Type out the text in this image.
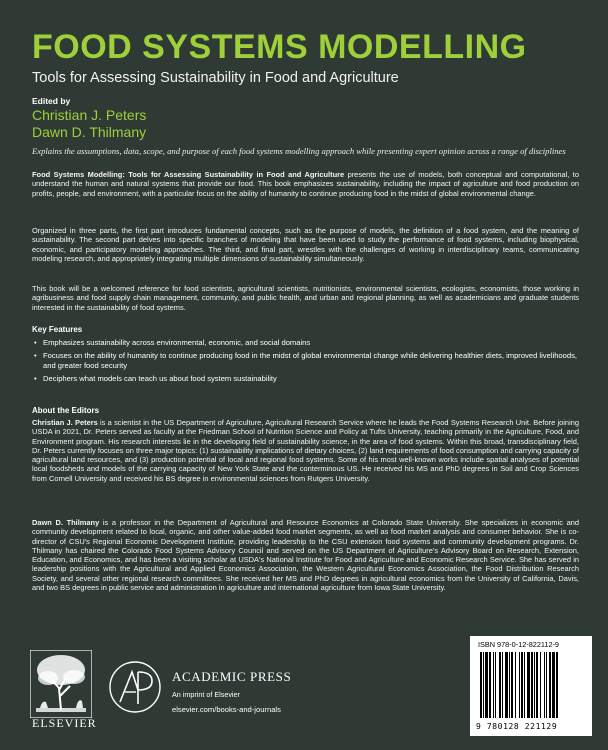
FOOD SYSTEMS MODELLING
Tools for Assessing Sustainability in Food and Agriculture
Edited by
Christian J. Peters
Dawn D. Thilmany
Explains the assumptions, data, scope, and purpose of each food systems modelling approach while presenting expert opinion across a range of disciplines
Food Systems Modelling: Tools for Assessing Sustainability in Food and Agriculture presents the use of models, both conceptual and computational, to understand the human and natural systems that provide our food. This book emphasizes sustainability, including the impact of agriculture and food production on profits, people, and environment, with a particular focus on the ability of humanity to continue producing food in the midst of global environmental change.
Organized in three parts, the first part introduces fundamental concepts, such as the purpose of models, the definition of a food system, and the meaning of sustainability. The second part delves into specific branches of modeling that have been used to study the performance of food systems, including biophysical, economic, and participatory modeling approaches. The third, and final part, wrestles with the challenges of working in interdisciplinary teams, communicating modeling research, and appropriately integrating multiple dimensions of sustainability simultaneously.
This book will be a welcomed reference for food scientists, agricultural scientists, nutritionists, environmental scientists, ecologists, economists, those working in agribusiness and food supply chain management, community, and public health, and urban and regional planning, as well as academicians and graduate students interested in the sustainability of food systems.
Key Features
• Emphasizes sustainability across environmental, economic, and social domains
• Focuses on the ability of humanity to continue producing food in the midst of global environmental change while delivering healthier diets, improved livelihoods, and greater food security
• Deciphers what models can teach us about food system sustainability
About the Editors
Christian J. Peters is a scientist in the US Department of Agriculture, Agricultural Research Service where he leads the Food Systems Research Unit. Before joining USDA in 2021, Dr. Peters served as faculty at the Friedman School of Nutrition Science and Policy at Tufts University, teaching primarily in the Agriculture, Food, and Environment program. His research interests lie in the developing field of sustainability science, in the area of food systems. Within this broad, transdisciplinary field, Dr. Peters currently focuses on three major topics: (1) sustainability implications of dietary choices, (2) land requirements of food consumption and carrying capacity of agricultural land resources, and (3) production potential of local and regional food systems. Some of his most well-known works include spatial analyses of potential local foodsheds and models of the carrying capacity of New York State and the conterminous US. He received his MS and PhD degrees in Soil and Crop Sciences from Cornell University and received his BS degree in environmental sciences from Rutgers University.
Dawn D. Thilmany is a professor in the Department of Agricultural and Resource Economics at Colorado State University. She specializes in economic and community development related to local, organic, and other value-added food market segments, as well as food market analysis and consumer behavior. She is co-director of CSU's Regional Economic Development Institute, providing leadership to the CSU extension food systems and community development programs. Dr. Thilmany has chaired the Colorado Food Systems Advisory Council and served on the US Department of Agriculture's Advisory Board on Research, Extension, Education, and Economics, and has been a visiting scholar at USDA's National Institute for Food and Agriculture and Economic Research Service. She has served in leadership positions with the Agricultural and Applied Economics Association, the Western Agricultural Economics Association, the Food Distribution Research Society, and several other regional research committees. She received her MS and PhD degrees in agricultural economics from the University of California, Davis, and two BS degrees in public service and administration in agriculture and international agriculture from Iowa State University.
ELSEVIER
ACADEMIC PRESS
An imprint of Elsevier
elsevier.com/books-and-journals
ISBN 978-0-12-822112-9
9 780128 221129
